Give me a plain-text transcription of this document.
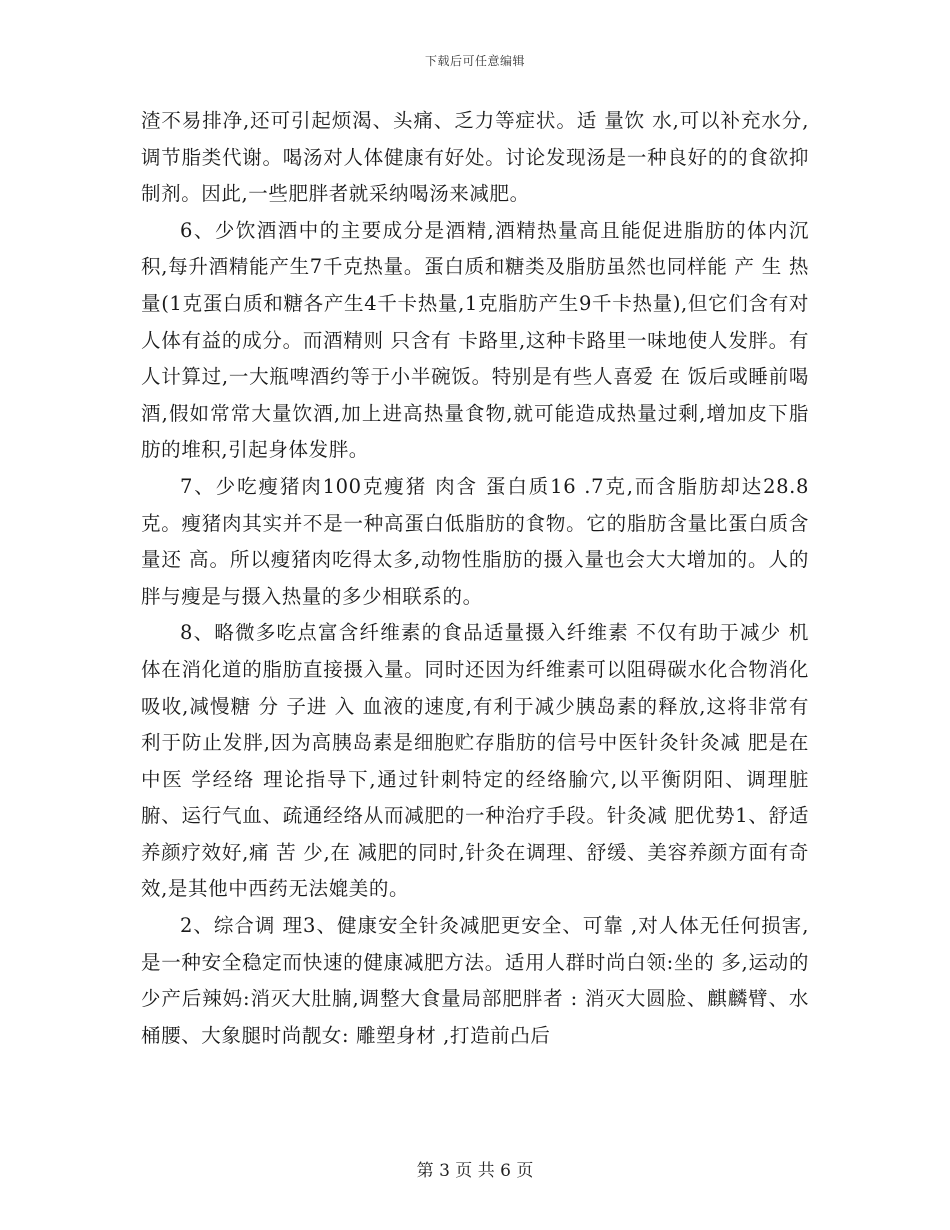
下载后可任意编辑

渣不易排净,还可引起烦渴、头痛、乏力等症状。适 量饮 水,可以补充水分,调节脂类代谢。喝汤对人体健康有好处。讨论发现汤是一种良好的的食欲抑制剂。因此,一些肥胖者就采纳喝汤来减肥。

6、少饮酒酒中的主要成分是酒精,酒精热量高且能促进脂肪的体内沉积,每升酒精能产生7千克热量。蛋白质和糖类及脂肪虽然也同样能 产 生 热量(1克蛋白质和糖各产生4千卡热量,1克脂肪产生9千卡热量),但它们含有对人体有益的成分。而酒精则 只含有 卡路里,这种卡路里一味地使人发胖。有人计算过,一大瓶啤酒约等于小半碗饭。特别是有些人喜爱 在 饭后或睡前喝酒,假如常常大量饮酒,加上进高热量食物,就可能造成热量过剩,增加皮下脂肪的堆积,引起身体发胖。

7、少吃瘦猪肉100克瘦猪 肉含 蛋白质16 .7克,而含脂肪却达28.8克。瘦猪肉其实并不是一种高蛋白低脂肪的食物。它的脂肪含量比蛋白质含 量还 高。所以瘦猪肉吃得太多,动物性脂肪的摄入量也会大大增加的。人的胖与瘦是与摄入热量的多少相联系的。

8、略微多吃点富含纤维素的食品适量摄入纤维素 不仅有助于减少 机体在消化道的脂肪直接摄入量。同时还因为纤维素可以阻碍碳水化合物消化吸收,减慢糖 分 子进 入 血液的速度,有利于减少胰岛素的释放,这将非常有利于防止发胖,因为高胰岛素是细胞贮存脂肪的信号中医针灸针灸减 肥是在中医 学经络 理论指导下,通过针刺特定的经络腧穴,以平衡阴阳、调理脏腑、运行气血、疏通经络从而减肥的一种治疗手段。针灸减 肥优势1、舒适养颜疗效好,痛 苦 少,在 减肥的同时,针灸在调理、舒缓、美容养颜方面有奇效,是其他中西药无法媲美的。

2、综合调 理3、健康安全针灸减肥更安全、可靠 ,对人体无任何损害,是一种安全稳定而快速的健康减肥方法。适用人群时尚白领:坐的 多,运动的少产后辣妈:消灭大肚腩,调整大食量局部肥胖者 : 消灭大圆脸、麒麟臂、水桶腰、大象腿时尚靓女: 雕塑身材 ,打造前凸后

第 3 页 共 6 页
